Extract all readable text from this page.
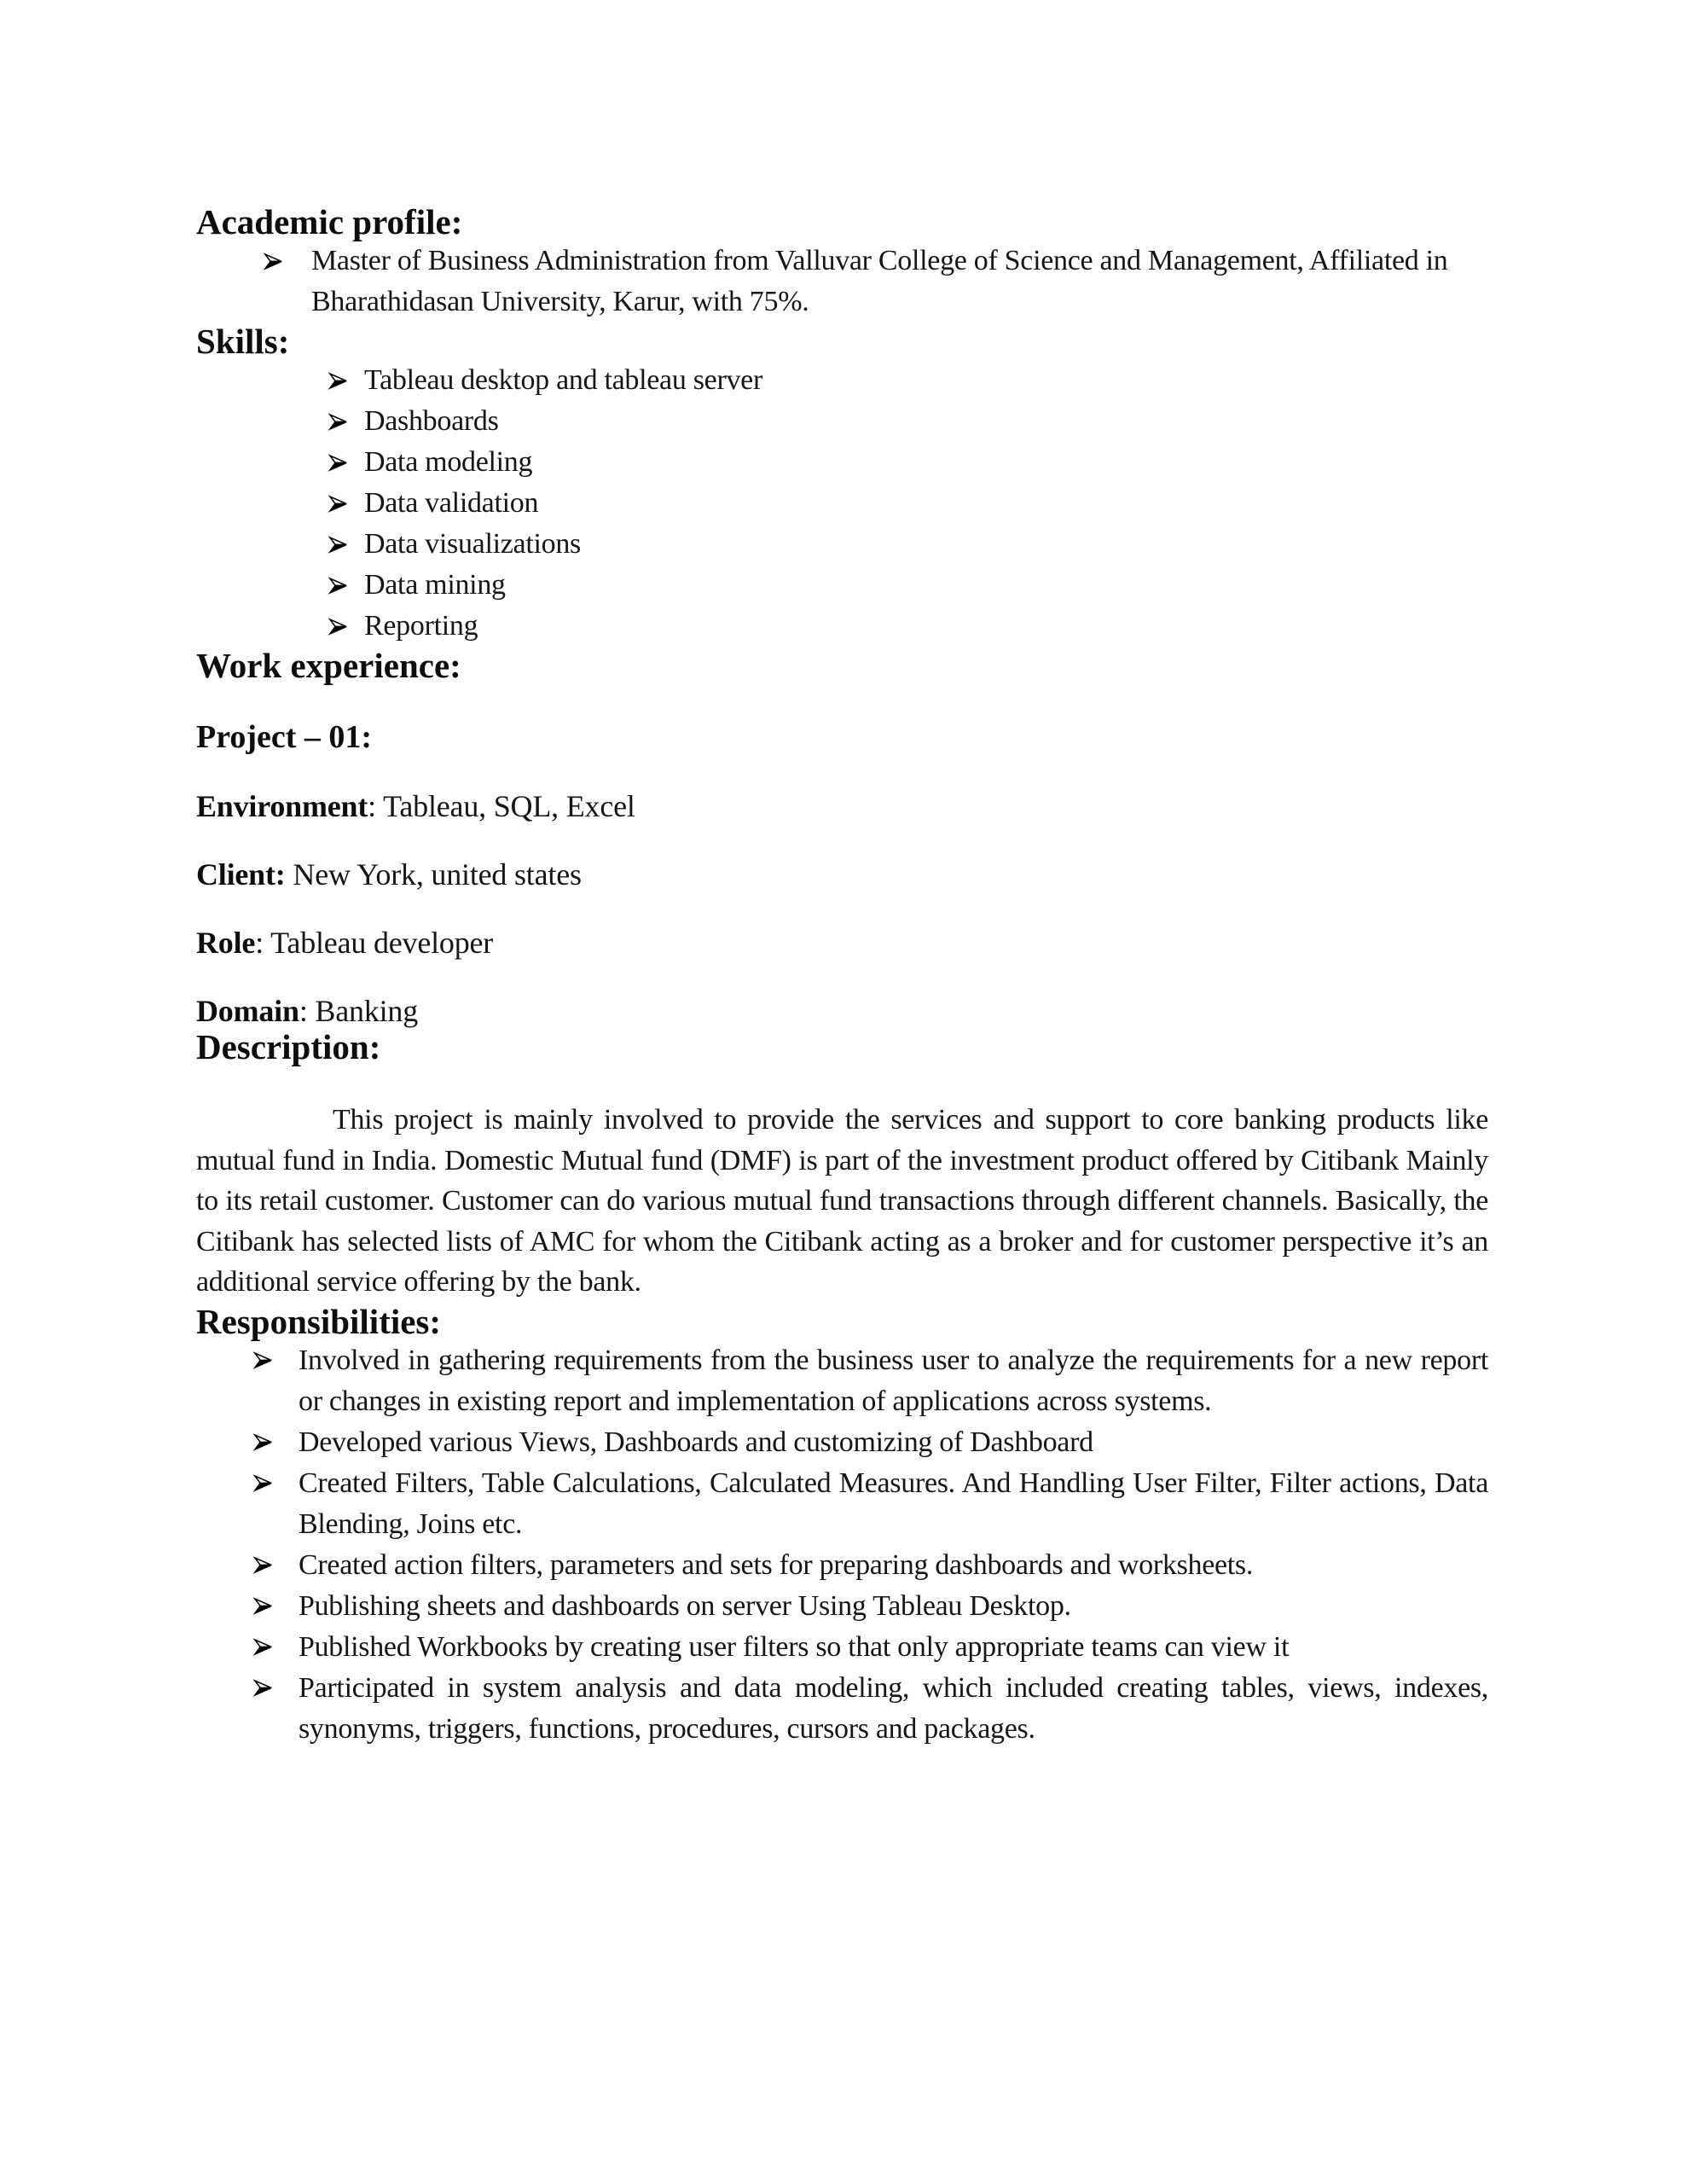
Academic profile:
Master of Business Administration from Valluvar College of Science and Management, Affiliated in Bharathidasan University, Karur, with 75%.
Skills:
Tableau desktop and tableau server
Dashboards
Data modeling
Data validation
Data visualizations
Data mining
Reporting
Work experience:

Project – 01:

Environment: Tableau, SQL, Excel

Client: New York, united states

Role: Tableau developer

Domain: Banking

Description:

This project is mainly involved to provide the services and support to core banking products like mutual fund in India. Domestic Mutual fund (DMF) is part of the investment product offered by Citibank Mainly to its retail customer. Customer can do various mutual fund transactions through different channels. Basically, the Citibank has selected lists of AMC for whom the Citibank acting as a broker and for customer perspective it’s an additional service offering by the bank.

Responsibilities:
Involved in gathering requirements from the business user to analyze the requirements for a new report or changes in existing report and implementation of applications across systems.
Developed various Views, Dashboards and customizing of Dashboard
Created Filters, Table Calculations, Calculated Measures. And Handling User Filter, Filter actions, Data Blending, Joins etc.
Created action filters, parameters and sets for preparing dashboards and worksheets.
Publishing sheets and dashboards on server Using Tableau Desktop.
Published Workbooks by creating user filters so that only appropriate teams can view it
Participated in system analysis and data modeling, which included creating tables, views, indexes, synonyms, triggers, functions, procedures, cursors and packages.
